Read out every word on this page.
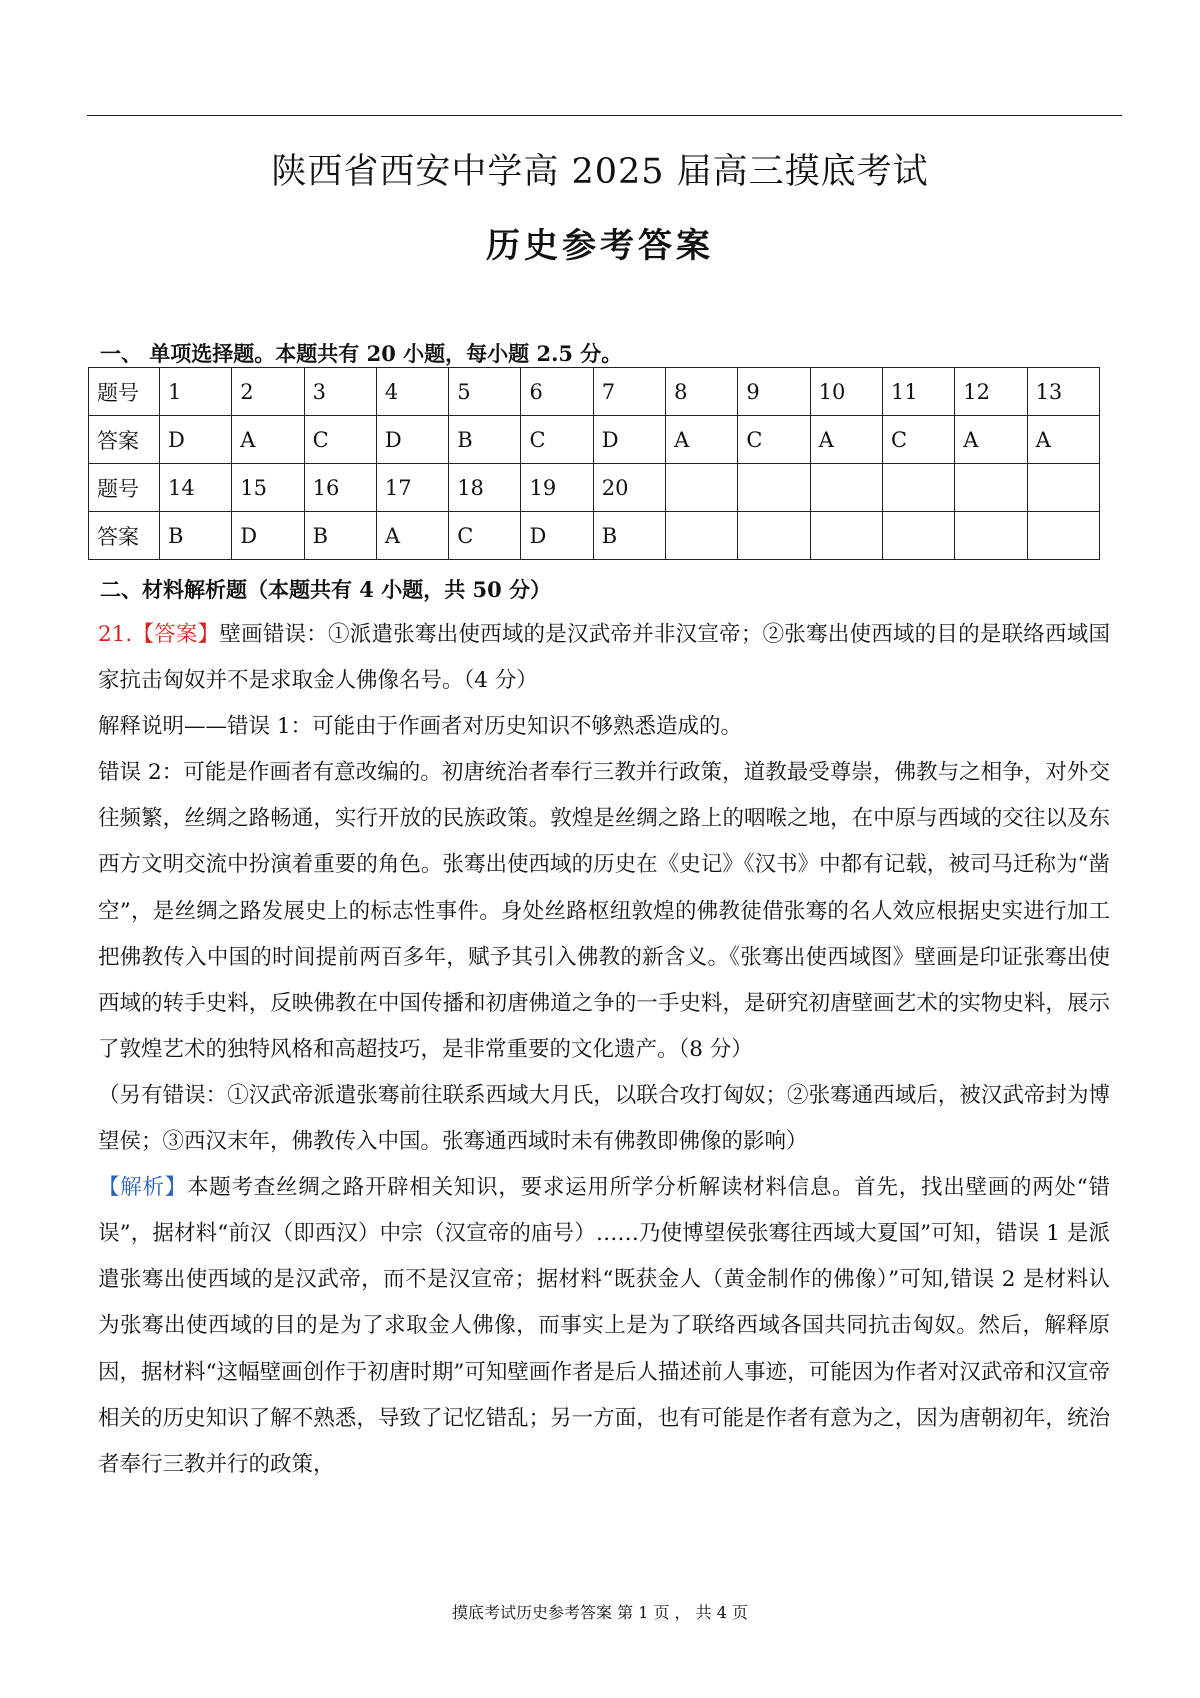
陕西省西安中学高 2025 届高三摸底考试
历史参考答案
一、 单项选择题。本题共有 20 小题，每小题 2.5 分。
题号	1	2	3	4	5	6	7	8	9	10	11	12	13
答案	D	A	C	D	B	C	D	A	C	A	C	A	A
题号	14	15	16	17	18	19	20						
答案	B	D	B	A	C	D	B						
二、材料解析题（本题共有 4 小题，共 50 分）

21.【答案】壁画错误：①派遣张骞出使西域的是汉武帝并非汉宣帝；②张骞出使西域的目的是联络西域国家抗击匈奴并不是求取金人佛像名号。（4 分）

解释说明——错误 1：可能由于作画者对历史知识不够熟悉造成的。

错误 2：可能是作画者有意改编的。初唐统治者奉行三教并行政策，道教最受尊崇，佛教与之相争，对外交往频繁，丝绸之路畅通，实行开放的民族政策。敦煌是丝绸之路上的咽喉之地，在中原与西域的交往以及东西方文明交流中扮演着重要的角色。张骞出使西域的历史在《史记》《汉书》中都有记载，被司马迁称为“凿空”，是丝绸之路发展史上的标志性事件。身处丝路枢纽敦煌的佛教徒借张骞的名人效应根据史实进行加工把佛教传入中国的时间提前两百多年，赋予其引入佛教的新含义。《张骞出使西域图》壁画是印证张骞出使西域的转手史料，反映佛教在中国传播和初唐佛道之争的一手史料，是研究初唐壁画艺术的实物史料，展示了敦煌艺术的独特风格和高超技巧，是非常重要的文化遗产。（8 分）

（另有错误：①汉武帝派遣张骞前往联系西域大月氏，以联合攻打匈奴；②张骞通西域后，被汉武帝封为博望侯；③西汉末年，佛教传入中国。张骞通西域时未有佛教即佛像的影响）

【解析】本题考查丝绸之路开辟相关知识，要求运用所学分析解读材料信息。首先，找出壁画的两处“错误”，据材料“前汉（即西汉）中宗（汉宣帝的庙号）……乃使博望侯张骞往西域大夏国”可知，错误 1 是派遣张骞出使西域的是汉武帝，而不是汉宣帝；据材料“既获金人（黄金制作的佛像）”可知,错误 2 是材料认为张骞出使西域的目的是为了求取金人佛像，而事实上是为了联络西域各国共同抗击匈奴。然后，解释原因，据材料“这幅壁画创作于初唐时期”可知壁画作者是后人描述前人事迹，可能因为作者对汉武帝和汉宣帝相关的历史知识了解不熟悉，导致了记忆错乱；另一方面，也有可能是作者有意为之，因为唐朝初年，统治者奉行三教并行的政策，

摸底考试历史参考答案 第 1 页 ， 共 4 页
